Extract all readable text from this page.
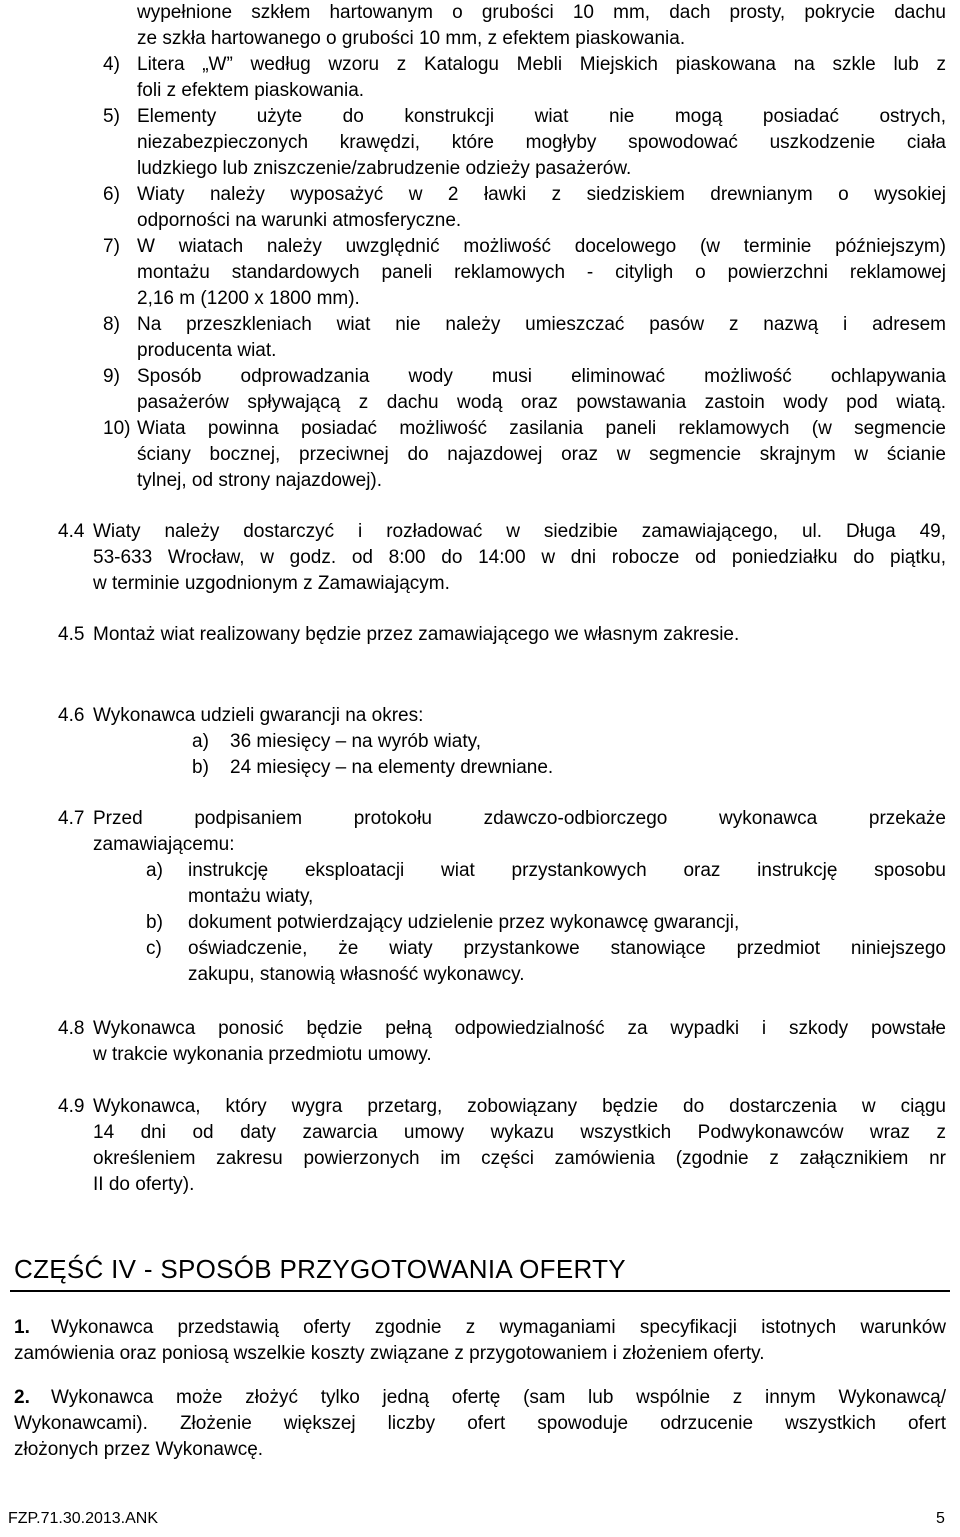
wypełnione szkłem hartowanym o grubości 10 mm, dach prosty, pokrycie dachu
ze szkła hartowanego o grubości 10 mm, z efektem piaskowania.
4) Litera „W” według wzoru z Katalogu Mebli Miejskich piaskowana na szkle lub z
foli z efektem piaskowania.
5) Elementy użyte do konstrukcji wiat nie mogą posiadać ostrych,
niezabezpieczonych krawędzi, które mogłyby spowodować uszkodzenie ciała
ludzkiego lub zniszczenie/zabrudzenie odzieży pasażerów.
6) Wiaty należy wyposażyć w 2 ławki z siedziskiem drewnianym o wysokiej
odporności na warunki atmosferyczne.
7) W wiatach należy uwzględnić możliwość docelowego (w terminie późniejszym)
montażu standardowych paneli reklamowych - cityligh o powierzchni reklamowej
2,16 m (1200 x 1800 mm).
8) Na przeszkleniach wiat nie należy umieszczać pasów z nazwą i adresem
producenta wiat.
9) Sposób odprowadzania wody musi eliminować możliwość ochlapywania
pasażerów spływającą z dachu wodą oraz powstawania zastoin wody pod wiatą.
10) Wiata powinna posiadać możliwość zasilania paneli reklamowych (w segmencie
ściany bocznej, przeciwnej do najazdowej oraz w segmencie skrajnym w ścianie
tylnej, od strony najazdowej).
4.4 Wiaty należy dostarczyć i rozładować w siedzibie zamawiającego, ul. Długa 49,
53-633 Wrocław, w godz. od 8:00 do 14:00 w dni robocze od poniedziałku do piątku,
w terminie uzgodnionym z Zamawiającym.
4.5 Montaż wiat realizowany będzie przez zamawiającego we własnym zakresie.
4.6 Wykonawca udzieli gwarancji na okres:
a) 36 miesięcy – na wyrób wiaty,
b) 24 miesięcy – na elementy drewniane.
4.7 Przed podpisaniem protokołu zdawczo-odbiorczego wykonawca przekaże
zamawiającemu:
a) instrukcję eksploatacji wiat przystankowych oraz instrukcję sposobu
montażu wiaty,
b) dokument potwierdzający udzielenie przez wykonawcę gwarancji,
c) oświadczenie, że wiaty przystankowe stanowiące przedmiot niniejszego
zakupu, stanowią własność wykonawcy.
4.8 Wykonawca ponosić będzie pełną odpowiedzialność za wypadki i szkody powstałe
w trakcie wykonania przedmiotu umowy.
4.9 Wykonawca, który wygra przetarg, zobowiązany będzie do dostarczenia w ciągu
14 dni od daty zawarcia umowy wykazu wszystkich Podwykonawców wraz z
określeniem zakresu powierzonych im części zamówienia (zgodnie z załącznikiem nr
II do oferty).
CZĘŚĆ IV - SPOSÓB PRZYGOTOWANIA OFERTY
1. Wykonawca przedstawią oferty zgodnie z wymaganiami specyfikacji istotnych warunków
zamówienia oraz poniosą wszelkie koszty związane z przygotowaniem i złożeniem oferty.
2. Wykonawca może złożyć tylko jedną ofertę (sam lub wspólnie z innym Wykonawcą/
Wykonawcami). Złożenie większej liczby ofert spowoduje odrzucenie wszystkich ofert
złożonych przez Wykonawcę.
FZP.71.30.2013.ANK	5
